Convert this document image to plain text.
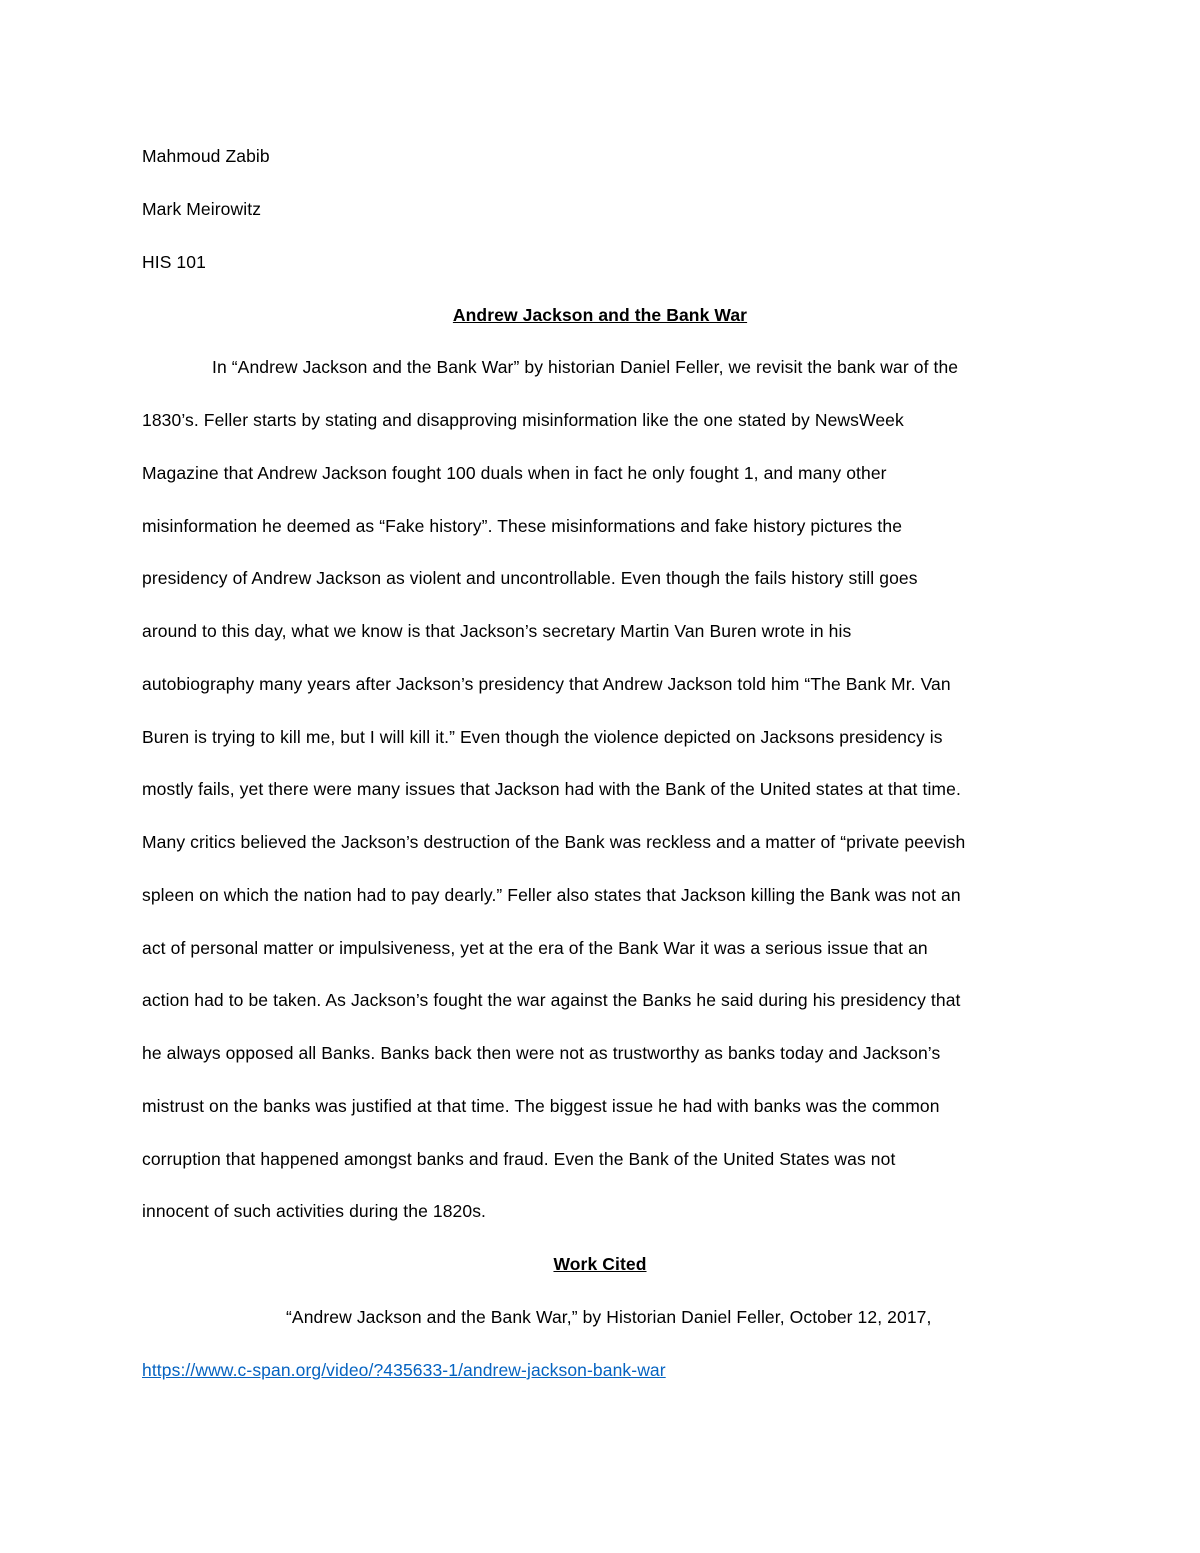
Mahmoud Zabib
Mark Meirowitz
HIS 101
Andrew Jackson and the Bank War
In “Andrew Jackson and the Bank War” by historian Daniel Feller, we revisit the bank war of the
1830’s. Feller starts by stating and disapproving misinformation like the one stated by NewsWeek
Magazine that Andrew Jackson fought 100 duals when in fact he only fought 1, and many other
misinformation he deemed as “Fake history”. These misinformations and fake history pictures the
presidency of Andrew Jackson as violent and uncontrollable. Even though the fails history still goes
around to this day, what we know is that Jackson’s secretary Martin Van Buren wrote in his
autobiography many years after Jackson’s presidency that Andrew Jackson told him “The Bank Mr. Van
Buren is trying to kill me, but I will kill it.” Even though the violence depicted on Jacksons presidency is
mostly fails, yet there were many issues that Jackson had with the Bank of the United states at that time.
Many critics believed the Jackson’s destruction of the Bank was reckless and a matter of “private peevish
spleen on which the nation had to pay dearly.” Feller also states that Jackson killing the Bank was not an
act of personal matter or impulsiveness, yet at the era of the Bank War it was a serious issue that an
action had to be taken. As Jackson’s fought the war against the Banks he said during his presidency that
he always opposed all Banks. Banks back then were not as trustworthy as banks today and Jackson’s
mistrust on the banks was justified at that time. The biggest issue he had with banks was the common
corruption that happened amongst banks and fraud. Even the Bank of the United States was not
innocent of such activities during the 1820s.
Work Cited
“Andrew Jackson and the Bank War,” by Historian Daniel Feller, October 12, 2017,
https://www.c-span.org/video/?435633-1/andrew-jackson-bank-war
